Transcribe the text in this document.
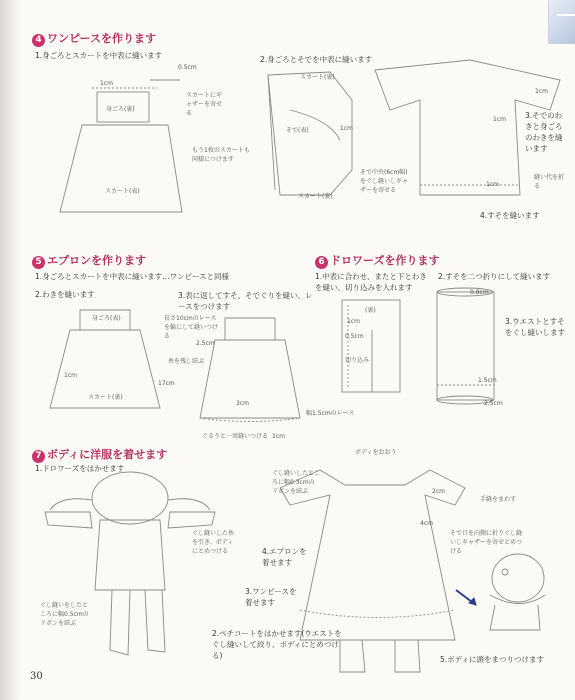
4 ワンピースを作ります
1.身ごろとスカートを中表に縫います	2.身ごろとそでを中表に縫います
3.そでのわきと身ごろのわきを縫います
4.すそを縫います
1cm
0.5cm
スカートにギャザーを寄せる
身ごろ(裏)
もう1枚のスカートも同様につけます
スカート(表)
スカート(裏)
そで(表)	1cm
そで中央(6cm幅)をぐし縫いしギャザーを寄せる
スカート(裏)
1cm
1cm
1cm
縫い代を折る
5 エプロンを作ります
1.身ごろとスカートを中表に縫います…ワンピースと同様
2.わきを縫います	3.表に返してすそ、そでぐりを縫い、レースをつけます
身ごろ(表)
1cm
スカート(裏)
17cm
長さ10cmのレースを輪にして縫いつける
2.5cm
糸を残し結ぶ
3cm
幅1.5cmのレース
ぐるりと一周縫いつける 1cm
6 ドロワーズを作ります
1.中表に合わせ、またと下とわきを縫い、切り込みを入れます
2.すそを二つ折りにして縫います
3.ウエストとすそをぐし縫いします
(裏)
1cm
0.5cm
切り込み
0.8cm
1.5cm
2.5cm
7 ボディに洋服を着せます
1.ドロワーズをはかせます
2.ペチコートをはかせます(ウエストをぐし縫いして絞り、ボディにとめつける)
3.ワンピースを着せます
4.エプロンを着せます
5.ボディに頭をまつりつけます
ぐし縫いした糸を引き、ボディにとめつける
ぐし縫いをしたところに幅0.5cmのリボンを結ぶ
ボディをおおう
ぐし縫いしたところに幅0.3cmのリボンを結ぶ	2cm
4cm
手縫をまわす
そで口を内側に折りぐし縫いしギャザーを寄せとめつける
30
